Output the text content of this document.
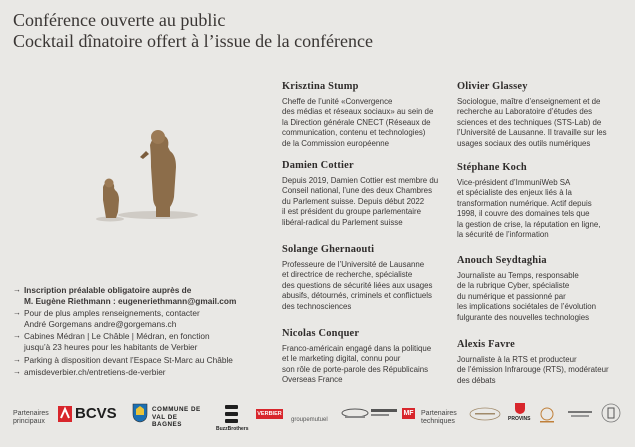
Conférence ouverte au public
Cocktail dînatoire offert à l’issue de la conférence
→ Inscription préalable obligatoire auprès de
M. Eugène Riethmann : eugeneriethmann@gmail.com
→ Pour de plus amples renseignements, contacter
André Gorgemans andre@gorgemans.ch
→ Cabines Médran | Le Châble | Médran, en fonction
jusqu’à 23 heures pour les habitants de Verbier
→ Parking à disposition devant l’Espace St-Marc au Châble
→ amisdeverbier.ch/entretiens-de-verbier
Krisztina Stump
Cheffe de l’unité «Convergence
des médias et réseaux sociaux» au sein de
la Direction générale CNECT (Réseaux de
communication, contenu et technologies)
de la Commission européenne
Damien Cottier
Depuis 2019, Damien Cottier est membre du
Conseil national, l’une des deux Chambres
du Parlement suisse. Depuis début 2022
il est président du groupe parlementaire
libéral-radical du Parlement suisse
Solange Ghernaouti
Professeure de l’Université de Lausanne
et directrice de recherche, spécialiste
des questions de sécurité liées aux usages
abusifs, détournés, criminels et conflictuels
des technosciences
Nicolas Conquer
Franco-américain engagé dans la politique
et le marketing digital, connu pour
son rôle de porte-parole des Républicains
Overseas France
Olivier Glassey
Sociologue, maître d’enseignement et de
recherche au Laboratoire d’études des
sciences et des techniques (STS-Lab) de
l’Université de Lausanne. Il travaille sur les
usages sociaux des outils numériques
Stéphane Koch
Vice-président d’ImmuniWeb SA
et spécialiste des enjeux liés à la
transformation numérique. Actif depuis
1998, il couvre des domaines tels que
la gestion de crise, la réputation en ligne,
la sécurité de l’information
Anouch Seydtaghia
Journaliste au Temps, responsable
de la rubrique Cyber, spécialiste
du numérique et passionné par
les implications sociétales de l’évolution
fulgurante des nouvelles technologies
Alexis Favre
Journaliste à la RTS et producteur
de l’émission Infrarouge (RTS), modérateur
des débats
Partenaires
principaux BCVS	COMMUNE DE
VAL DE BAGNES
BuzzBrothers
VERBIER
groupemutuel
MF Partenaires
techniques	PROVINS
